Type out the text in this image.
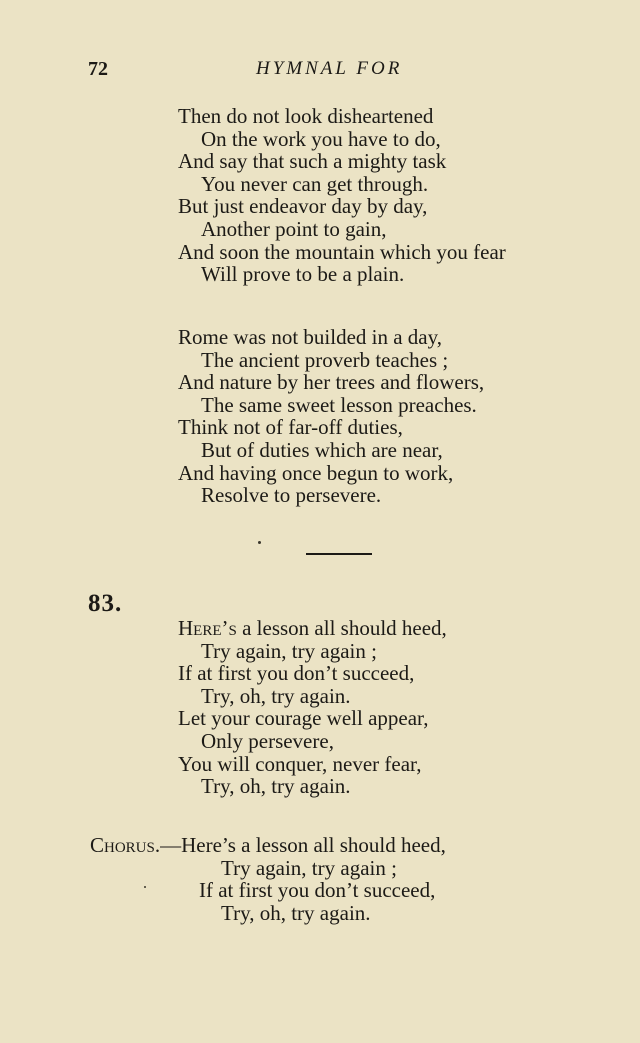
72	HYMNAL FOR
Then do not look disheartened
On the work you have to do,
And say that such a mighty task
You never can get through.
But just endeavor day by day,
Another point to gain,
And soon the mountain which you fear
Will prove to be a plain.
Rome was not builded in a day,
The ancient proverb teaches ;
And nature by her trees and flowers,
The same sweet lesson preaches.
Think not of far-off duties,
But of duties which are near,
And having once begun to work,
Resolve to persevere.
83.
Here’s a lesson all should heed,
Try again, try again ;
If at first you don’t succeed,
Try, oh, try again.
Let your courage well appear,
Only persevere,
You will conquer, never fear,
Try, oh, try again.
Chorus.—Here’s a lesson all should heed,
Try again, try again ;
If at first you don’t succeed,
Try, oh, try again.
